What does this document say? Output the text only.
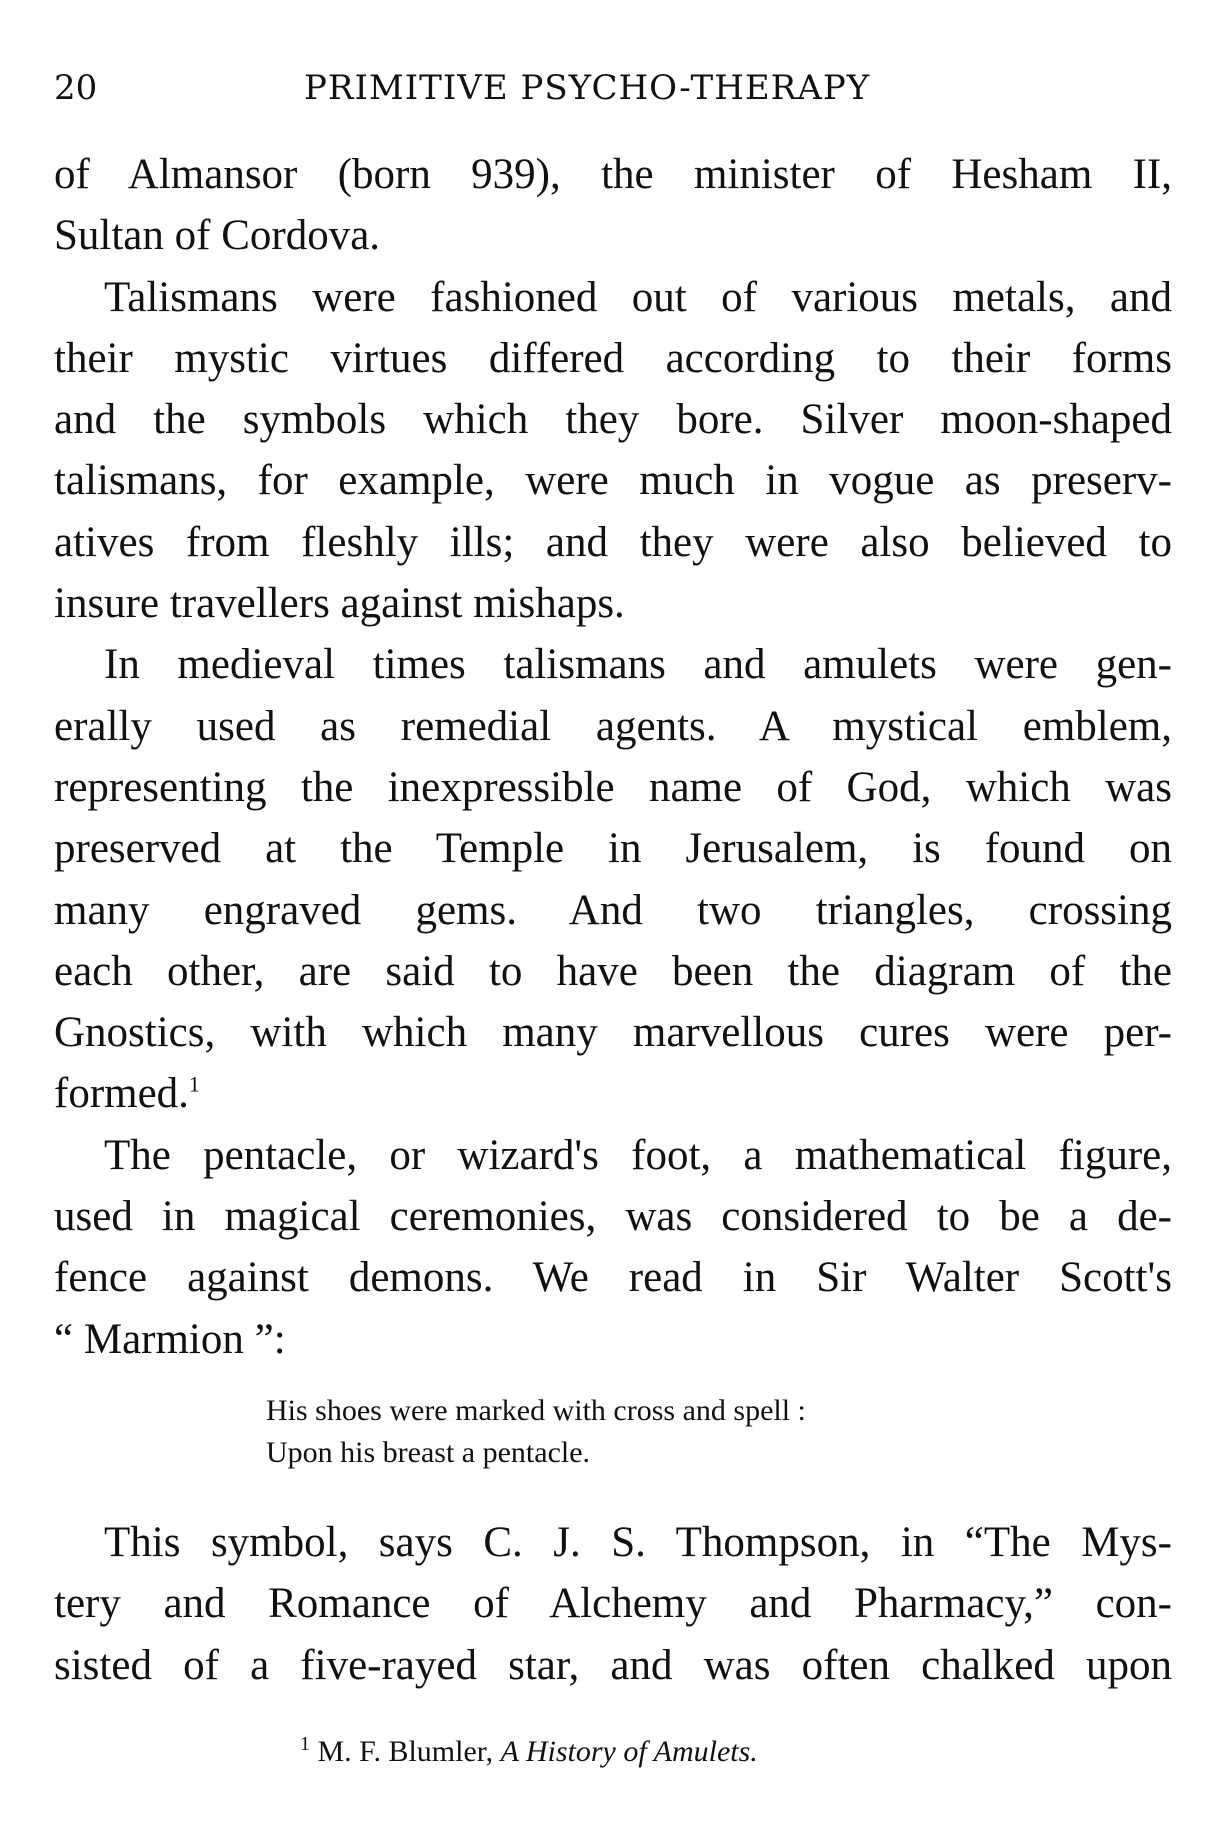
20	PRIMITIVE PSYCHO-THERAPY
of Almansor (born 939), the minister of Hesham II,
Sultan of Cordova.
Talismans were fashioned out of various metals, and
their mystic virtues differed according to their forms
and the symbols which they bore. Silver moon-shaped
talismans, for example, were much in vogue as preserv-
atives from fleshly ills; and they were also believed to
insure travellers against mishaps.
In medieval times talismans and amulets were gen-
erally used as remedial agents. A mystical emblem,
representing the inexpressible name of God, which was
preserved at the Temple in Jerusalem, is found on
many engraved gems. And two triangles, crossing
each other, are said to have been the diagram of the
Gnostics, with which many marvellous cures were per-
formed.$^1$
The pentacle, or wizard's foot, a mathematical figure,
used in magical ceremonies, was considered to be a de-
fence against demons. We read in Sir Walter Scott's
“ Marmion ”:
His shoes were marked with cross and spell :
Upon his breast a pentacle.
This symbol, says C. J. S. Thompson, in “The Mys-
tery and Romance of Alchemy and Pharmacy,” con-
sisted of a five-rayed star, and was often chalked upon
$^1$ M. F. Blumler, A History of Amulets.
